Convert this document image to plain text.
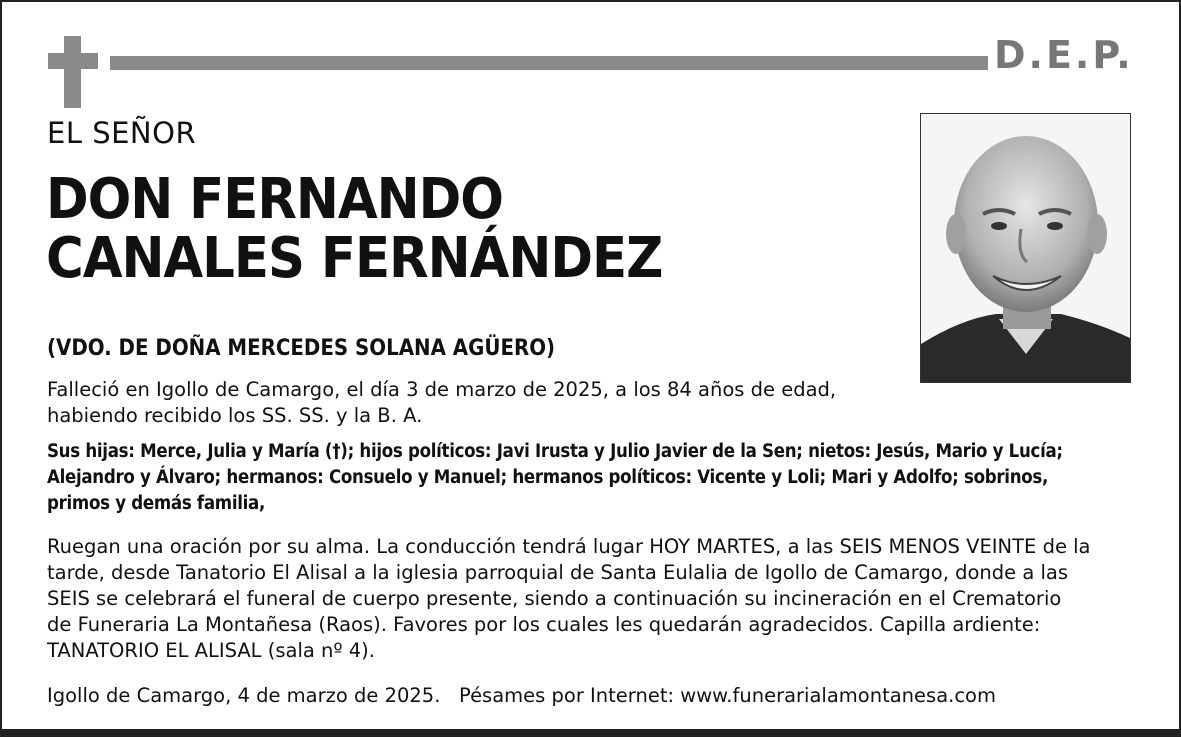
D.E.P.
EL SEÑOR
DON FERNANDO
CANALES FERNÁNDEZ
(VDO. DE DOÑA MERCEDES SOLANA AGÜERO)

Falleció en Igollo de Camargo, el día 3 de marzo de 2025, a los 84 años de edad,
habiendo recibido los SS. SS. y la B. A.

Sus hijas: Merce, Julia y María (†); hijos políticos: Javi Irusta y Julio Javier de la Sen; nietos: Jesús, Mario y Lucía;
Alejandro y Álvaro; hermanos: Consuelo y Manuel; hermanos políticos: Vicente y Loli; Mari y Adolfo; sobrinos,
primos y demás familia,

Ruegan una oración por su alma. La conducción tendrá lugar HOY MARTES, a las SEIS MENOS VEINTE de la
tarde, desde Tanatorio El Alisal a la iglesia parroquial de Santa Eulalia de Igollo de Camargo, donde a las
SEIS se celebrará el funeral de cuerpo presente, siendo a continuación su incineración en el Crematorio
de Funeraria La Montañesa (Raos). Favores por los cuales les quedarán agradecidos. Capilla ardiente:
TANATORIO EL ALISAL (sala nº 4).

Igollo de Camargo, 4 de marzo de 2025. Pésames por Internet: www.funerarialamontanesa.com
